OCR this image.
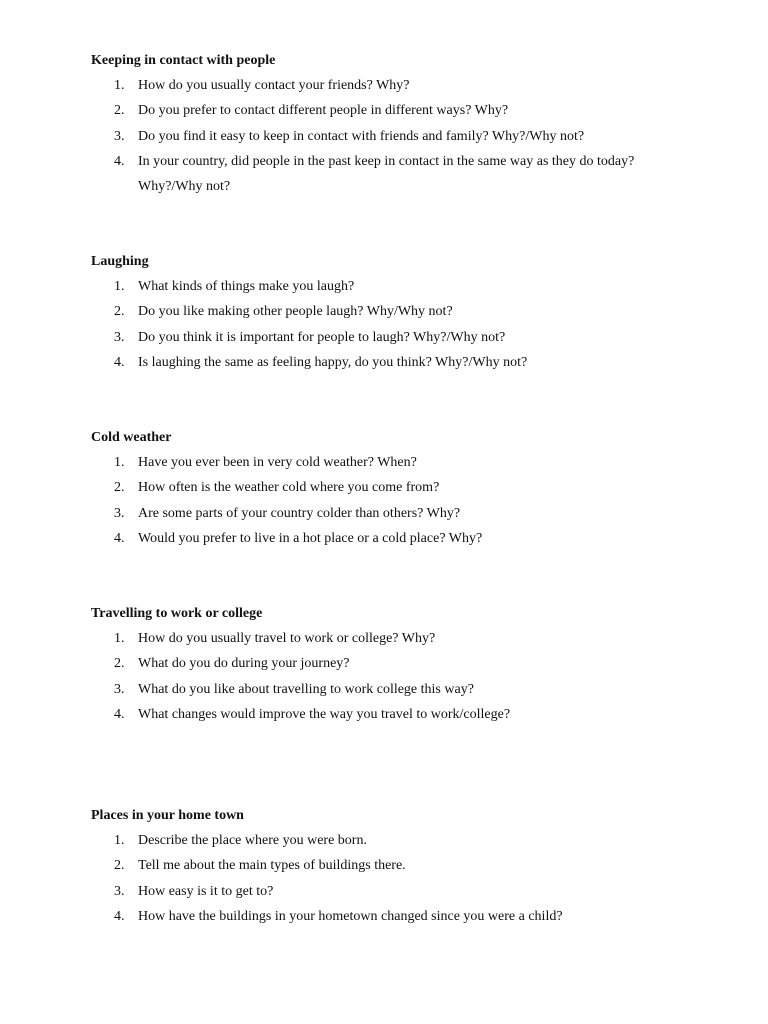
Keeping in contact with people

1. How do you usually contact your friends? Why?
2. Do you prefer to contact different people in different ways? Why?
3. Do you find it easy to keep in contact with friends and family? Why?/Why not?
4. In your country, did people in the past keep in contact in the same way as they do today? Why?/Why not?

Laughing

1. What kinds of things make you laugh?
2. Do you like making other people laugh? Why/Why not?
3. Do you think it is important for people to laugh? Why?/Why not?
4. Is laughing the same as feeling happy, do you think? Why?/Why not?

Cold weather

1. Have you ever been in very cold weather? When?
2. How often is the weather cold where you come from?
3. Are some parts of your country colder than others? Why?
4. Would you prefer to live in a hot place or a cold place? Why?

Travelling to work or college

1. How do you usually travel to work or college? Why?
2. What do you do during your journey?
3. What do you like about travelling to work college this way?
4. What changes would improve the way you travel to work/college?

Places in your home town

1. Describe the place where you were born.
2. Tell me about the main types of buildings there.
3. How easy is it to get to?
4. How have the buildings in your hometown changed since you were a child?
